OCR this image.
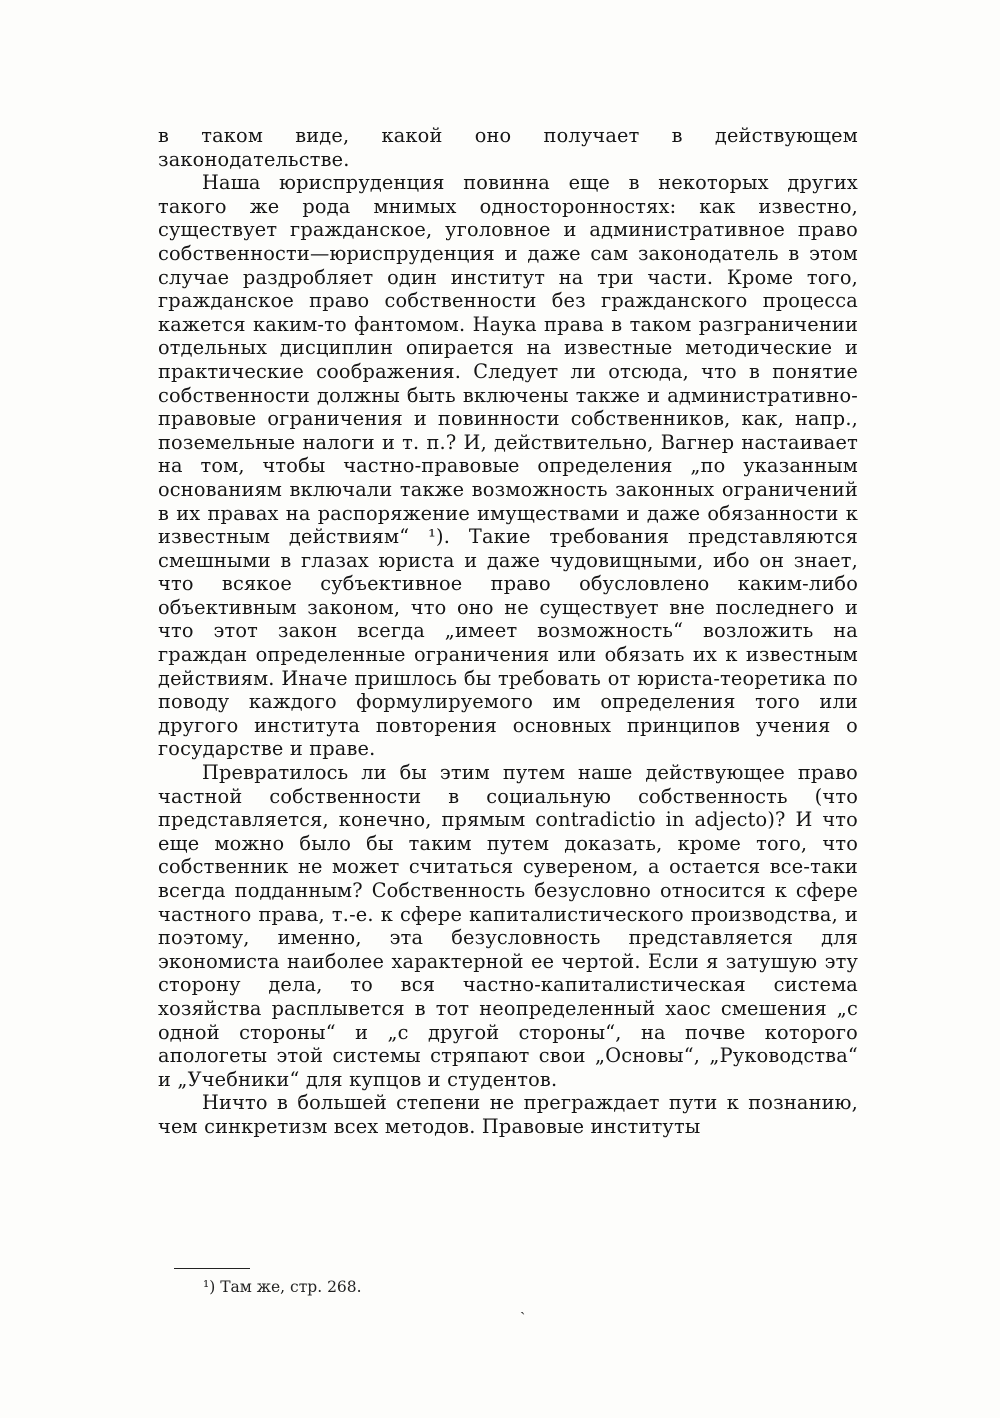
в таком виде, какой оно получает в действующем законодательстве.

Наша юриспруденция повинна еще в некоторых других такого же рода мнимых односторонностях: как известно, существует гражданское, уголовное и административное право собственности—юриспруденция и даже сам законодатель в этом случае раздробляет один институт на три части. Кроме того, гражданское право собственности без гражданского процесса кажется каким-то фантомом. Наука права в таком разграничении отдельных дисциплин опирается на известные методические и практические соображения. Следует ли отсюда, что в понятие собственности должны быть включены также и административно-правовые ограничения и повинности собственников, как, напр., поземельные налоги и т. п.? И, действительно, Вагнер настаивает на том, чтобы частно-правовые определения „по указанным основаниям включали также возможность законных ограничений в их правах на распоряжение имуществами и даже обязанности к известным действиям“ ¹). Такие требования представляются смешными в глазах юриста и даже чудовищными, ибо он знает, что всякое субъективное право обусловлено каким-либо объективным законом, что оно не существует вне последнего и что этот закон всегда „имеет возможность“ возложить на граждан определенные ограничения или обязать их к известным действиям. Иначе пришлось бы требовать от юриста-теоретика по поводу каждого формулируемого им определения того или другого института повторения основных принципов учения о государстве и праве.

Превратилось ли бы этим путем наше действующее право частной собственности в социальную собственность (что представляется, конечно, прямым contradictio in adjecto)? И что еще можно было бы таким путем доказать, кроме того, что собственник не может считаться сувереном, а остается все-таки всегда подданным? Собственность безусловно относится к сфере частного права, т.-е. к сфере капиталистического производства, и поэтому, именно, эта безусловность представляется для экономиста наиболее характерной ее чертой. Если я затушую эту сторону дела, то вся частно-капиталистическая система хозяйства расплывется в тот неопределенный хаос смешения „с одной стороны“ и „с другой стороны“, на почве которого апологеты этой системы стряпают свои „Основы“, „Руководства“ и „Учебники“ для купцов и студентов.

Ничто в большей степени не преграждает пути к познанию, чем синкретизм всех методов. Правовые институты

¹) Там же, стр. 268.
ˏ
